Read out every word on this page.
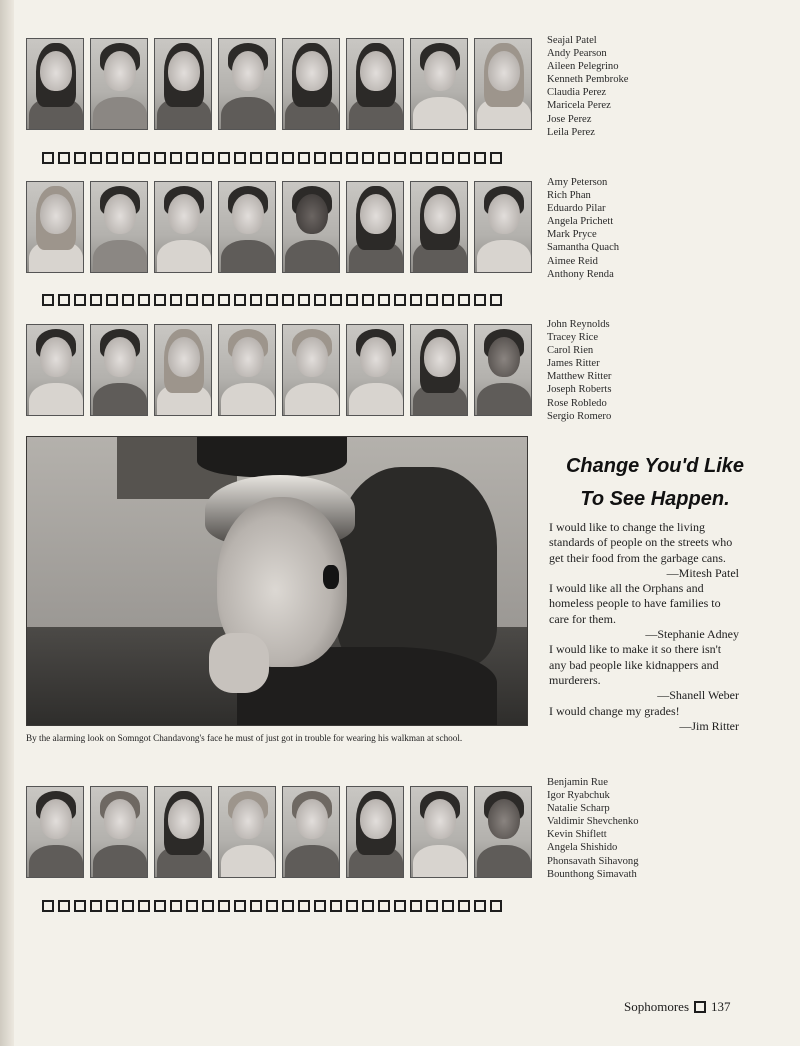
Seajal Patel
Andy Pearson
Aileen Pelegrino
Kenneth Pembroke
Claudia Perez
Maricela Perez
Jose Perez
Leila Perez
Amy Peterson
Rich Phan
Eduardo Pilar
Angela Prichett
Mark Pryce
Samantha Quach
Aimee Reid
Anthony Renda
John Reynolds
Tracey Rice
Carol Rien
James Ritter
Matthew Ritter
Joseph Roberts
Rose Robledo
Sergio Romero
By the alarming look on Somngot Chandavong's face he must of just got in trouble for wearing his walkman at school.
Change You'd Like
To See Happen.

I would like to change the living standards of people on the streets who get their food from the garbage cans.

—Mitesh Patel

I would like all the Orphans and homeless people to have families to care for them.

—Stephanie Adney

I would like to make it so there isn't any bad people like kidnappers and murderers.

—Shanell Weber

I would change my grades!

—Jim Ritter

Benjamin Rue
Igor Ryabchuk
Natalie Scharp
Valdimir Shevchenko
Kevin Shiflett
Angela Shishido
Phonsavath Sihavong
Bounthong Simavath
Sophomores 137
